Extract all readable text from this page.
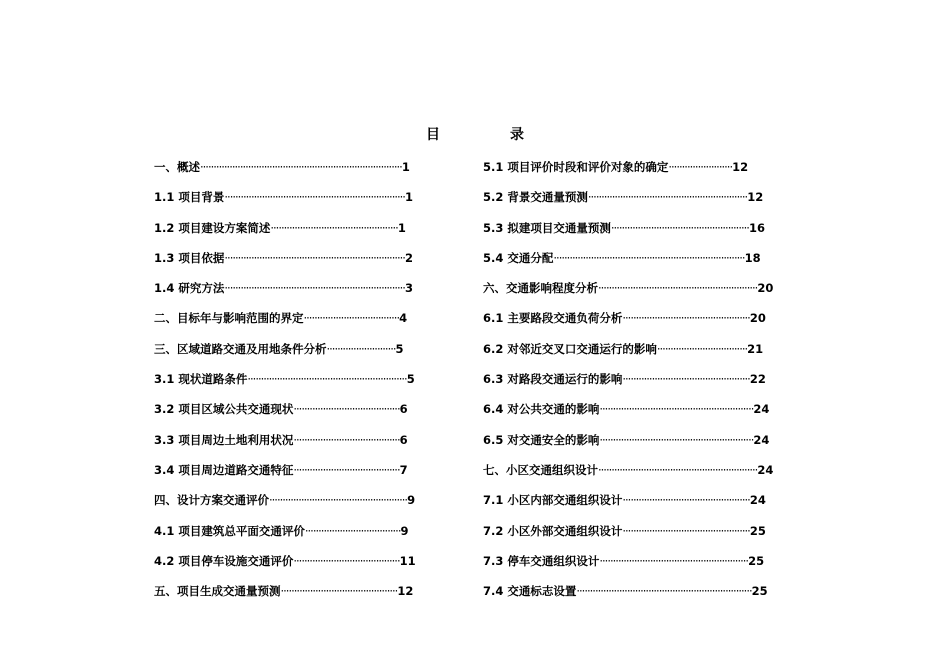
目	录
一、概述············································································1
1.1 项目背景····································································1
1.2 项目建设方案简述················································1
1.3 项目依据····································································2
1.4 研究方法····································································3
二、目标年与影响范围的界定····································4
三、区域道路交通及用地条件分析··························5
3.1 现状道路条件····························································5
3.2 项目区域公共交通现状········································6
3.3 项目周边土地利用状况········································6
3.4 项目周边道路交通特征········································7
四、设计方案交通评价····················································9
4.1 项目建筑总平面交通评价····································9
4.2 项目停车设施交通评价········································11
五、项目生成交通量预测············································12
5.1 项目评价时段和评价对象的确定························12
5.2 背景交通量预测····························································12
5.3 拟建项目交通量预测····················································16
5.4 交通分配········································································18
六、交通影响程度分析····························································20
6.1 主要路段交通负荷分析················································20
6.2 对邻近交叉口交通运行的影响··································21
6.3 对路段交通运行的影响················································22
6.4 对公共交通的影响··························································24
6.5 对交通安全的影响··························································24
七、小区交通组织设计····························································24
7.1 小区内部交通组织设计················································24
7.2 小区外部交通组织设计················································25
7.3 停车交通组织设计························································25
7.4 交通标志设置··································································25
